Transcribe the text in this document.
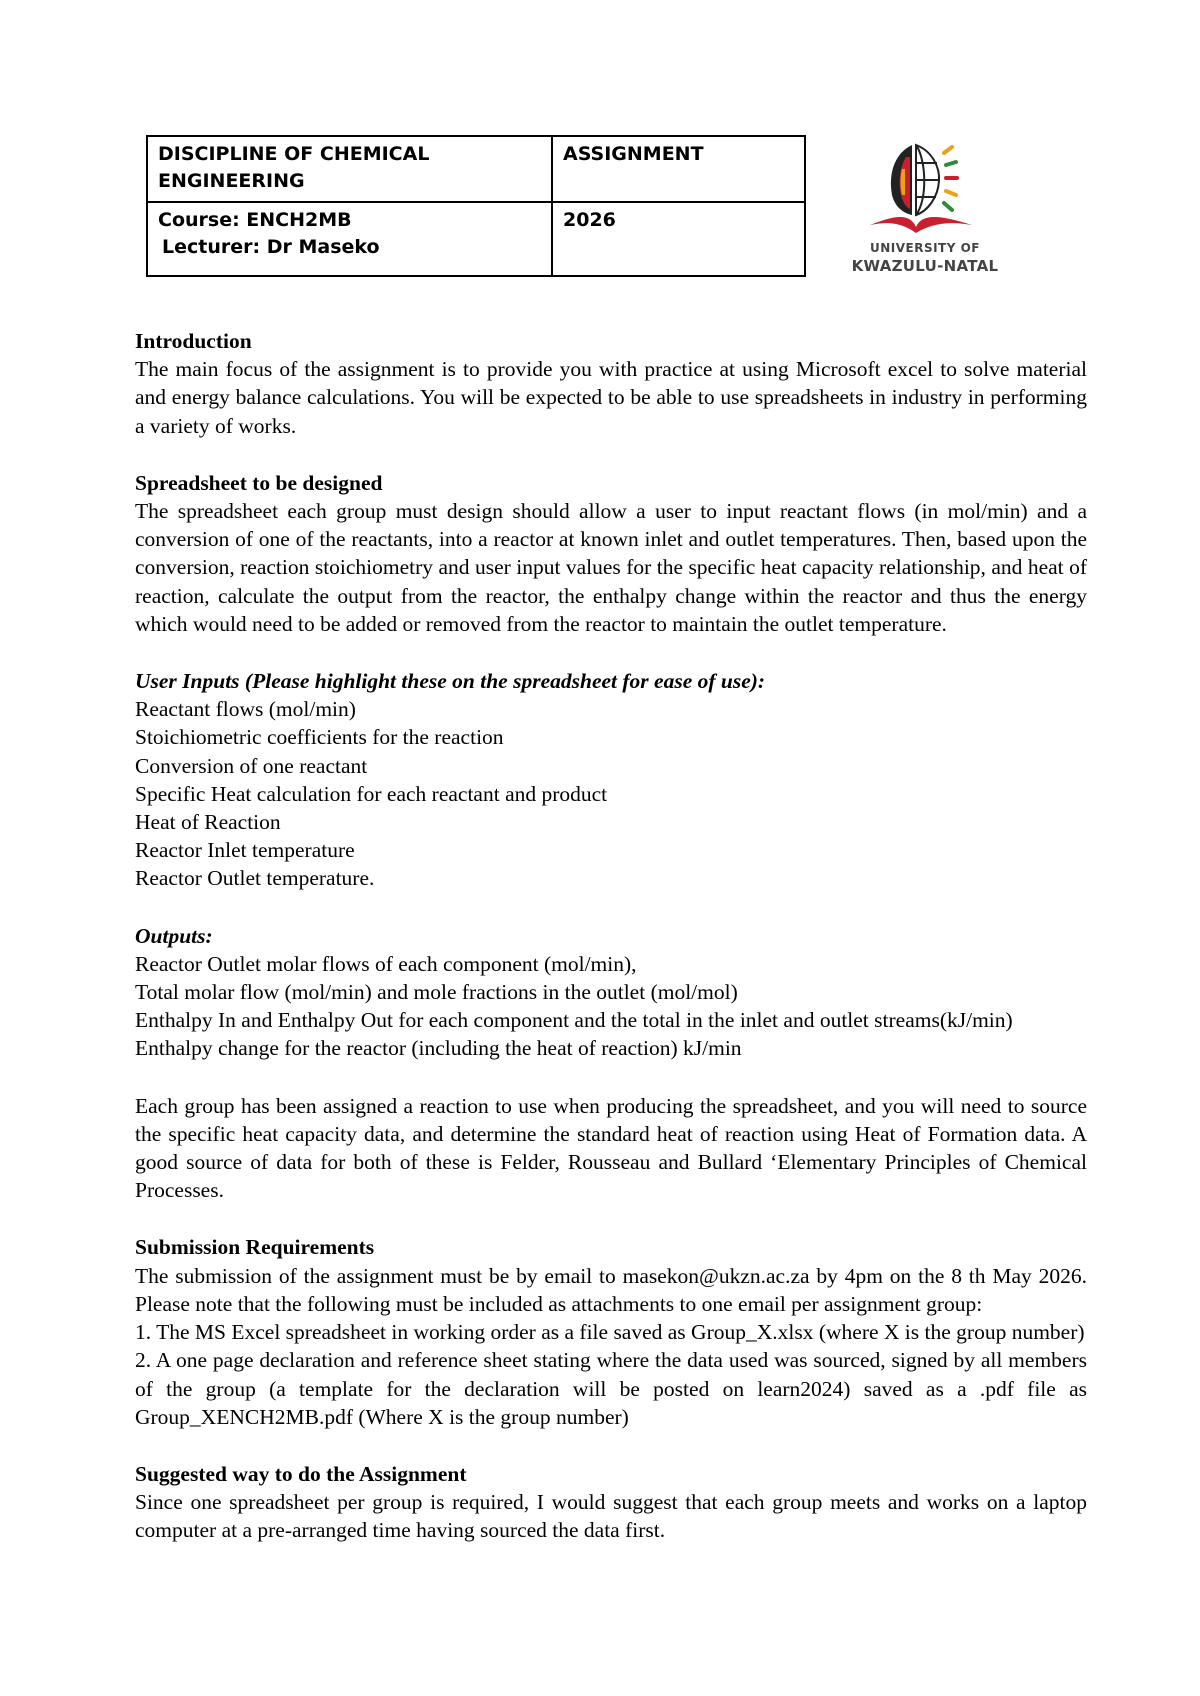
DISCIPLINE OF CHEMICAL ENGINEERING	ASSIGNMENT
Course: ENCH2MB
Lecturer: Dr Maseko	2026
UNIVERSITY OF
KWAZULU-NATAL

Introduction

The main focus of the assignment is to provide you with practice at using Microsoft excel to solve material and energy balance calculations. You will be expected to be able to use spreadsheets in industry in performing a variety of works.

Spreadsheet to be designed

The spreadsheet each group must design should allow a user to input reactant flows (in mol/min) and a conversion of one of the reactants, into a reactor at known inlet and outlet temperatures. Then, based upon the conversion, reaction stoichiometry and user input values for the specific heat capacity relationship, and heat of reaction, calculate the output from the reactor, the enthalpy change within the reactor and thus the energy which would need to be added or removed from the reactor to maintain the outlet temperature.

User Inputs (Please highlight these on the spreadsheet for ease of use):

Reactant flows (mol/min)

Stoichiometric coefficients for the reaction

Conversion of one reactant

Specific Heat calculation for each reactant and product

Heat of Reaction

Reactor Inlet temperature

Reactor Outlet temperature.

Outputs:

Reactor Outlet molar flows of each component (mol/min),

Total molar flow (mol/min) and mole fractions in the outlet (mol/mol)

Enthalpy In and Enthalpy Out for each component and the total in the inlet and outlet streams(kJ/min)

Enthalpy change for the reactor (including the heat of reaction) kJ/min

Each group has been assigned a reaction to use when producing the spreadsheet, and you will need to source the specific heat capacity data, and determine the standard heat of reaction using Heat of Formation data. A good source of data for both of these is Felder, Rousseau and Bullard ‘Elementary Principles of Chemical Processes.

Submission Requirements

The submission of the assignment must be by email to masekon@ukzn.ac.za by 4pm on the 8 th May 2026. Please note that the following must be included as attachments to one email per assignment group:

1. The MS Excel spreadsheet in working order as a file saved as Group_X.xlsx (where X is the group number)

2. A one page declaration and reference sheet stating where the data used was sourced, signed by all members of the group (a template for the declaration will be posted on learn2024) saved as a .pdf file as Group_XENCH2MB.pdf (Where X is the group number)

Suggested way to do the Assignment

Since one spreadsheet per group is required, I would suggest that each group meets and works on a laptop computer at a pre-arranged time having sourced the data first.
